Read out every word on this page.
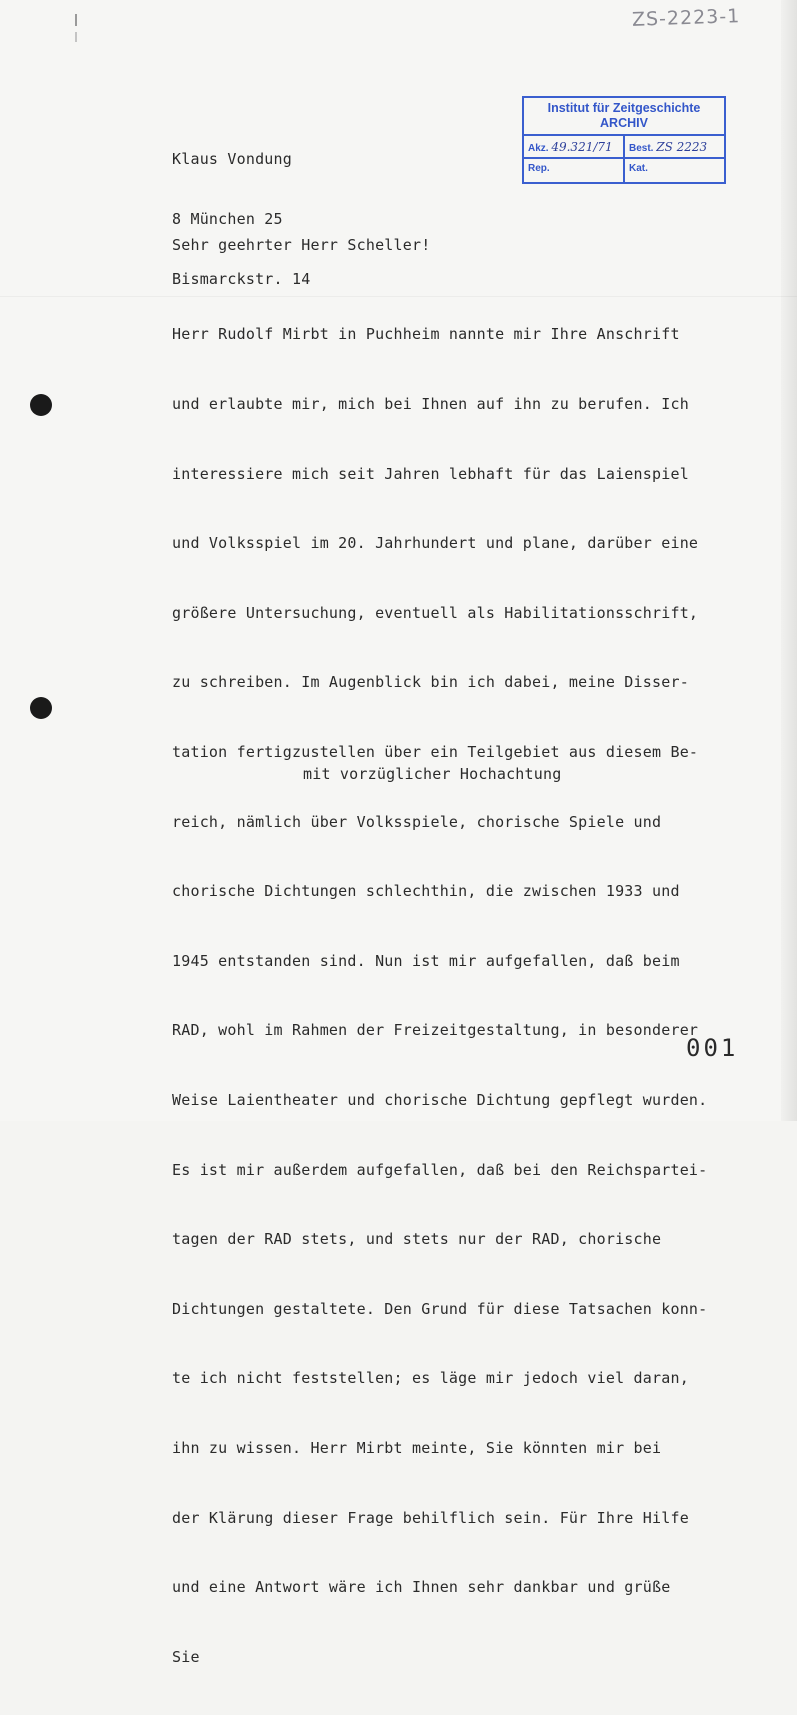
ZS-2223-1

Klaus Vondung

8 München 25

Bismarckstr. 14

Institut für Zeitgeschichte
ARCHIV
Akz. 49.321/71	Best. ZS 2223
Rep.	Kat.
Sehr geehrter Herr Scheller!

Herr Rudolf Mirbt in Puchheim nannte mir Ihre Anschrift

und erlaubte mir, mich bei Ihnen auf ihn zu berufen. Ich

interessiere mich seit Jahren lebhaft für das Laienspiel

und Volksspiel im 20. Jahrhundert und plane, darüber eine

größere Untersuchung, eventuell als Habilitationsschrift,

zu schreiben. Im Augenblick bin ich dabei, meine Disser-

tation fertigzustellen über ein Teilgebiet aus diesem Be-

reich, nämlich über Volksspiele, chorische Spiele und

chorische Dichtungen schlechthin, die zwischen 1933 und

1945 entstanden sind. Nun ist mir aufgefallen, daß beim

RAD, wohl im Rahmen der Freizeitgestaltung, in besonderer

Weise Laientheater und chorische Dichtung gepflegt wurden.

Es ist mir außerdem aufgefallen, daß bei den Reichspartei-

tagen der RAD stets, und stets nur der RAD, chorische

Dichtungen gestaltete. Den Grund für diese Tatsachen konn-

te ich nicht feststellen; es läge mir jedoch viel daran,

ihn zu wissen. Herr Mirbt meinte, Sie könnten mir bei

der Klärung dieser Frage behilflich sein. Für Ihre Hilfe

und eine Antwort wäre ich Ihnen sehr dankbar und grüße

Sie

mit vorzüglicher Hochachtung
001
